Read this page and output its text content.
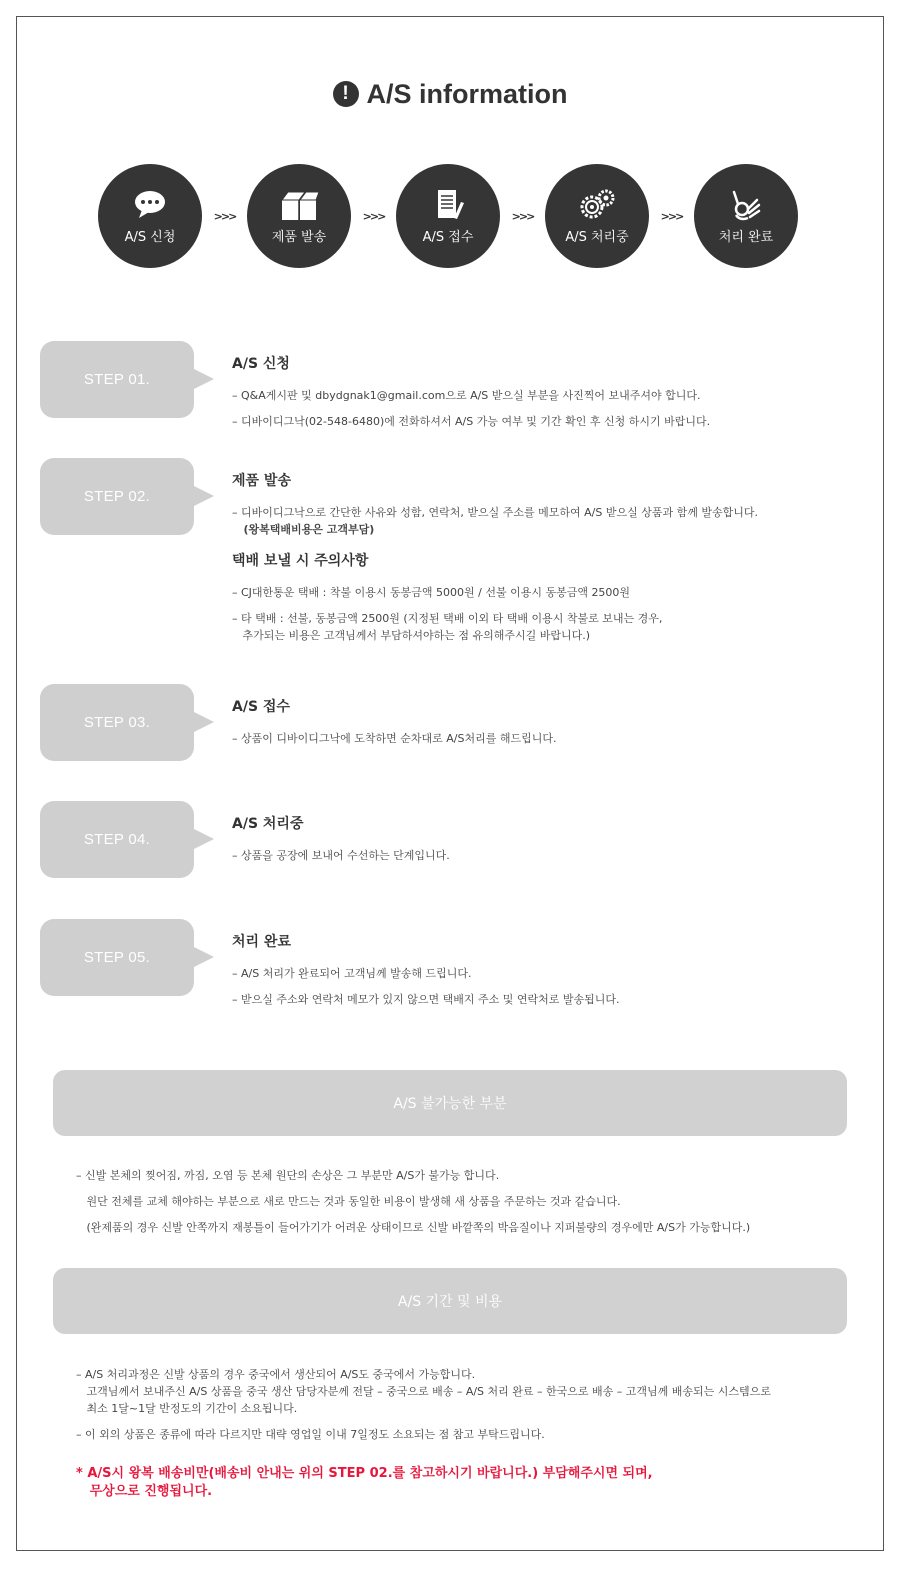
! A/S information
A/S 신청
>>>
제품 발송
>>>
A/S 접수
>>>
A/S 처리중
>>>
처리 완료
STEP 01.
A/S 신청
– Q&A게시판 및 dbydgnak1@gmail.com으로 A/S 받으실 부분을 사진찍어 보내주셔야 합니다.
– 디바이디그낙(02-548-6480)에 전화하셔서 A/S 가능 여부 및 기간 확인 후 신청 하시기 바랍니다.
STEP 02.
제품 발송
– 디바이디그낙으로 간단한 사유와 성함, 연락처, 받으실 주소를 메모하여 A/S 받으실 상품과 함께 발송합니다.
(왕복택배비용은 고객부담)
택배 보낼 시 주의사항
– CJ대한통운 택배 : 착불 이용시 동봉금액 5000원 / 선불 이용시 동봉금액 2500원
– 타 택배 : 선불, 동봉금액 2500원 (지정된 택배 이외 타 택배 이용시 착불로 보내는 경우,
추가되는 비용은 고객님께서 부담하셔야하는 점 유의해주시길 바랍니다.)
STEP 03.
A/S 접수
– 상품이 디바이디그낙에 도착하면 순차대로 A/S처리를 해드립니다.
STEP 04.
A/S 처리중
– 상품을 공장에 보내어 수선하는 단계입니다.
STEP 05.
처리 완료
– A/S 처리가 완료되어 고객님께 발송해 드립니다.
– 받으실 주소와 연락처 메모가 있지 않으면 택배지 주소 및 연락처로 발송됩니다.
A/S 불가능한 부분
– 신발 본체의 찢어짐, 까짐, 오염 등 본체 원단의 손상은 그 부분만 A/S가 불가능 합니다.
원단 전체를 교체 해야하는 부분으로 새로 만드는 것과 동일한 비용이 발생해 새 상품을 주문하는 것과 같습니다.
(완제품의 경우 신발 안쪽까지 재봉틀이 들어가기가 어려운 상태이므로 신발 바깥쪽의 박음질이나 지퍼불량의 경우에만 A/S가 가능합니다.)
A/S 기간 및 비용
– A/S 처리과정은 신발 상품의 경우 중국에서 생산되어 A/S도 중국에서 가능합니다.
고객님께서 보내주신 A/S 상품을 중국 생산 담당자분께 전달 – 중국으로 배송 – A/S 처리 완료 – 한국으로 배송 – 고객님께 배송되는 시스템으로
최소 1달~1달 반정도의 기간이 소요됩니다.
– 이 외의 상품은 종류에 따라 다르지만 대략 영업일 이내 7일정도 소요되는 점 참고 부탁드립니다.
* A/S시 왕복 배송비만(배송비 안내는 위의 STEP 02.를 참고하시기 바랍니다.) 부담해주시면 되며,
무상으로 진행됩니다.
